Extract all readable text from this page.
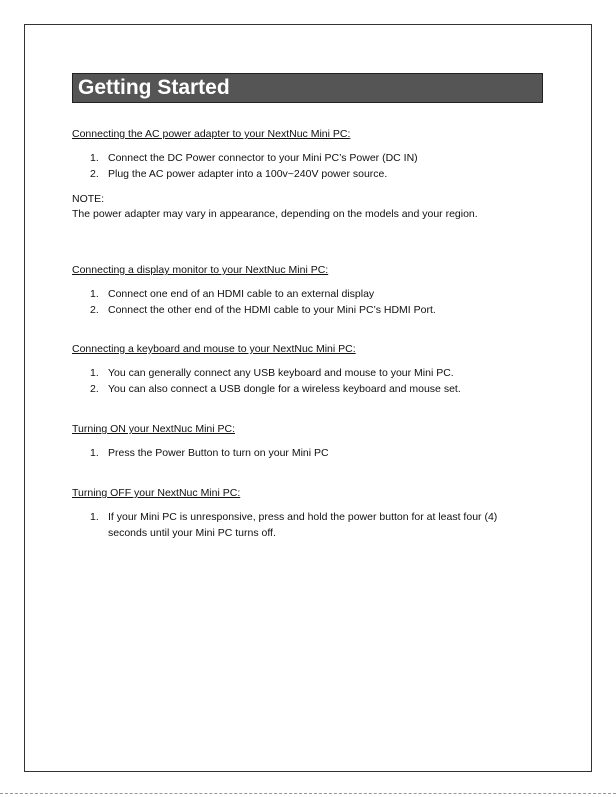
Getting Started
Connecting the AC power adapter to your NextNuc Mini PC:
1. Connect the DC Power connector to your Mini PC’s Power (DC IN)
2. Plug the AC power adapter into a 100v~240V power source.
NOTE:
The power adapter may vary in appearance, depending on the models and your region.
Connecting a display monitor to your NextNuc Mini PC:
1. Connect one end of an HDMI cable to an external display
2. Connect the other end of the HDMI cable to your Mini PC’s HDMI Port.
Connecting a keyboard and mouse to your NextNuc Mini PC:
1. You can generally connect any USB keyboard and mouse to your Mini PC.
2. You can also connect a USB dongle for a wireless keyboard and mouse set.
Turning ON your NextNuc Mini PC:
1. Press the Power Button to turn on your Mini PC
Turning OFF your NextNuc Mini PC:
1. If your Mini PC is unresponsive, press and hold the power button for at least four (4)
seconds until your Mini PC turns off.
